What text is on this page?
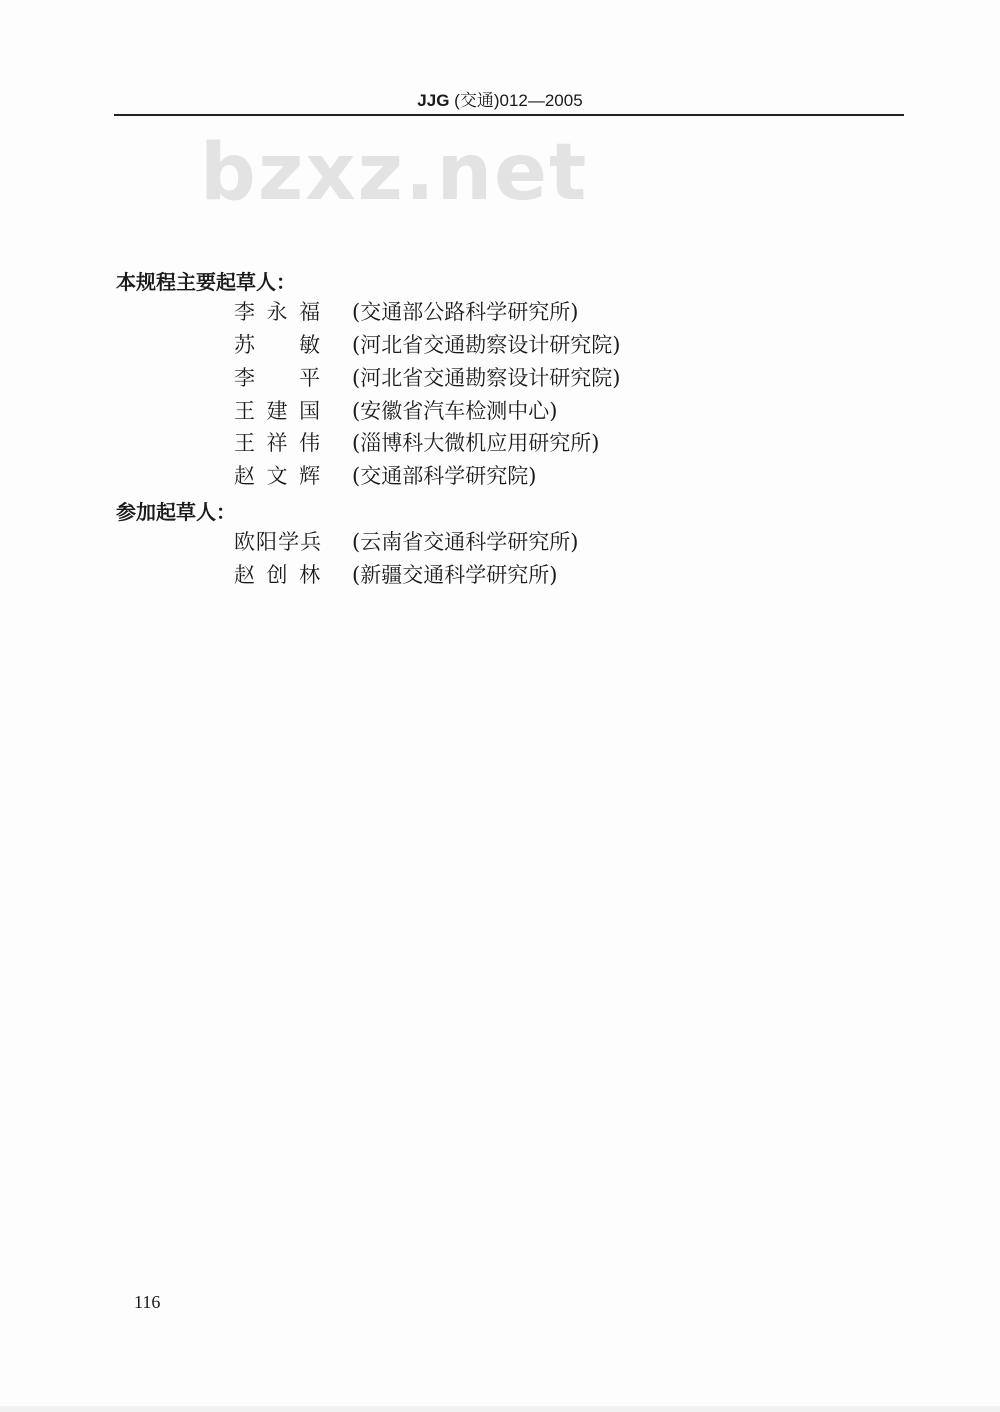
JJG (交通)012—2005
bzxz.net
本规程主要起草人：
李永福 (交通部公路科学研究所)
苏　敏 (河北省交通勘察设计研究院)
李　平 (河北省交通勘察设计研究院)
王建国 (安徽省汽车检测中心)
王祥伟 (淄博科大微机应用研究所)
赵文辉 (交通部科学研究院)
参加起草人：
欧阳学兵	(云南省交通科学研究所)
赵创林 (新疆交通科学研究所)
116
